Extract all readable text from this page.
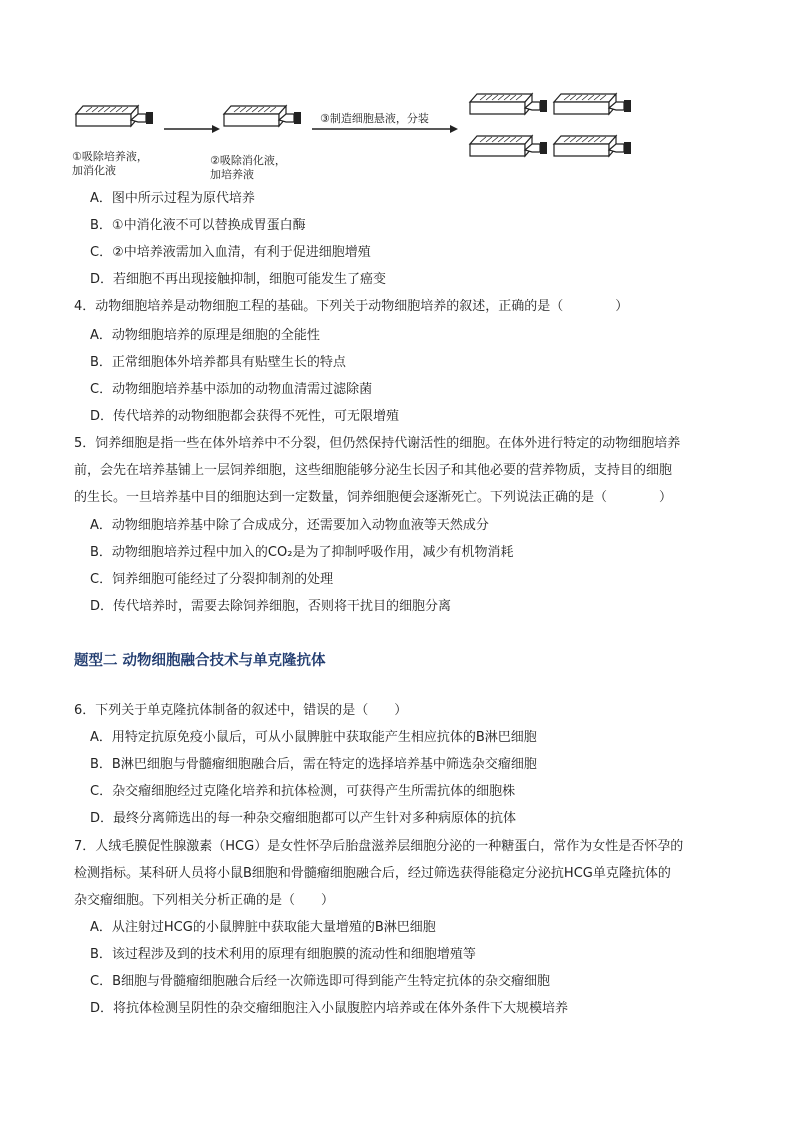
①吸除培养液，
加消化液
②吸除消化液，
加培养液
③制造细胞悬液，分装
A．图中所示过程为原代培养
B．①中消化液不可以替换成胃蛋白酶
C．②中培养液需加入血清，有利于促进细胞增殖
D．若细胞不再出现接触抑制，细胞可能发生了癌变
4．动物细胞培养是动物细胞工程的基础。下列关于动物细胞培养的叙述，正确的是（　　　　）
A．动物细胞培养的原理是细胞的全能性
B．正常细胞体外培养都具有贴壁生长的特点
C．动物细胞培养基中添加的动物血清需过滤除菌
D．传代培养的动物细胞都会获得不死性，可无限增殖
5．饲养细胞是指一些在体外培养中不分裂，但仍然保持代谢活性的细胞。在体外进行特定的动物细胞培养
前，会先在培养基铺上一层饲养细胞，这些细胞能够分泌生长因子和其他必要的营养物质，支持目的细胞
的生长。一旦培养基中目的细胞达到一定数量，饲养细胞便会逐渐死亡。下列说法正确的是（　　　　）
A．动物细胞培养基中除了合成成分，还需要加入动物血液等天然成分
B．动物细胞培养过程中加入的CO₂是为了抑制呼吸作用，减少有机物消耗
C．饲养细胞可能经过了分裂抑制剂的处理
D．传代培养时，需要去除饲养细胞，否则将干扰目的细胞分离
题型二 动物细胞融合技术与单克隆抗体
6．下列关于单克隆抗体制备的叙述中，错误的是（　　）
A．用特定抗原免疫小鼠后，可从小鼠脾脏中获取能产生相应抗体的B淋巴细胞
B．B淋巴细胞与骨髓瘤细胞融合后，需在特定的选择培养基中筛选杂交瘤细胞
C．杂交瘤细胞经过克隆化培养和抗体检测，可获得产生所需抗体的细胞株
D．最终分离筛选出的每一种杂交瘤细胞都可以产生针对多种病原体的抗体
7．人绒毛膜促性腺激素（HCG）是女性怀孕后胎盘滋养层细胞分泌的一种糖蛋白，常作为女性是否怀孕的
检测指标。某科研人员将小鼠B细胞和骨髓瘤细胞融合后，经过筛选获得能稳定分泌抗HCG单克隆抗体的
杂交瘤细胞。下列相关分析正确的是（　　）
A．从注射过HCG的小鼠脾脏中获取能大量增殖的B淋巴细胞
B．该过程涉及到的技术利用的原理有细胞膜的流动性和细胞增殖等
C．B细胞与骨髓瘤细胞融合后经一次筛选即可得到能产生特定抗体的杂交瘤细胞
D．将抗体检测呈阴性的杂交瘤细胞注入小鼠腹腔内培养或在体外条件下大规模培养
